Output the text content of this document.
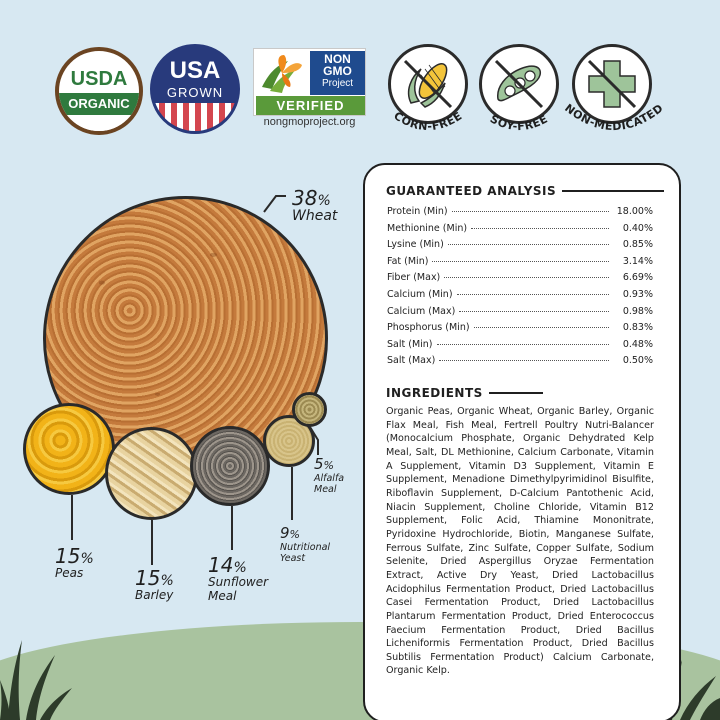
USDA
ORGANIC
USA
GROWN
NON
GMO
Project
VERIFIED
nongmoproject.org	CORN-FREE SOY-FREE
NON-MEDICATED
38%
Wheat
15%
Peas	15%
Barley
14%
Sunflower
Meal
9%
Nutritional
Yeast
5%
Alfalfa
Meal
GUARANTEED ANALYSIS
Protein (Min)	18.00%
Methionine (Min)	0.40%
Lysine (Min)	0.85%
Fat (Min)	3.14%
Fiber (Max)	6.69%
Calcium (Min)	0.93%
Calcium (Max)	0.98%
Phosphorus (Min)	0.83%
Salt (Min)	0.48%
Salt (Max)	0.50%
INGREDIENTS
Organic Peas, Organic Wheat, Organic Barley, Organic Flax Meal, Fish Meal, Fertrell Poultry Nutri-Balancer (Monocalcium Phosphate, Organic Dehydrated Kelp Meal, Salt, DL Methionine, Calcium Carbonate, Vitamin A Supplement, Vitamin D3 Supplement, Vitamin E Supplement, Menadione Dimethylpyrimidinol Bisulfite, Riboflavin Supplement, D-Calcium Pantothenic Acid, Niacin Supplement, Choline Chloride, Vitamin B12 Supplement, Folic Acid, Thiamine Mononitrate, Pyridoxine Hydrochloride, Biotin, Manganese Sulfate, Ferrous Sulfate, Zinc Sulfate, Copper Sulfate, Sodium Selenite, Dried Aspergillus Oryzae Fermentation Extract, Active Dry Yeast, Dried Lactobacillus Acidophilus Fermentation Product, Dried Lactobacillus Casei Fermentation Product, Dried Lactobacillus Plantarum Fermentation Product, Dried Enterococcus Faecium Fermentation Product, Dried Bacillus Licheniformis Fermentation Product, Dried Bacillus Subtilis Fermentation Product) Calcium Carbonate, Organic Kelp.
